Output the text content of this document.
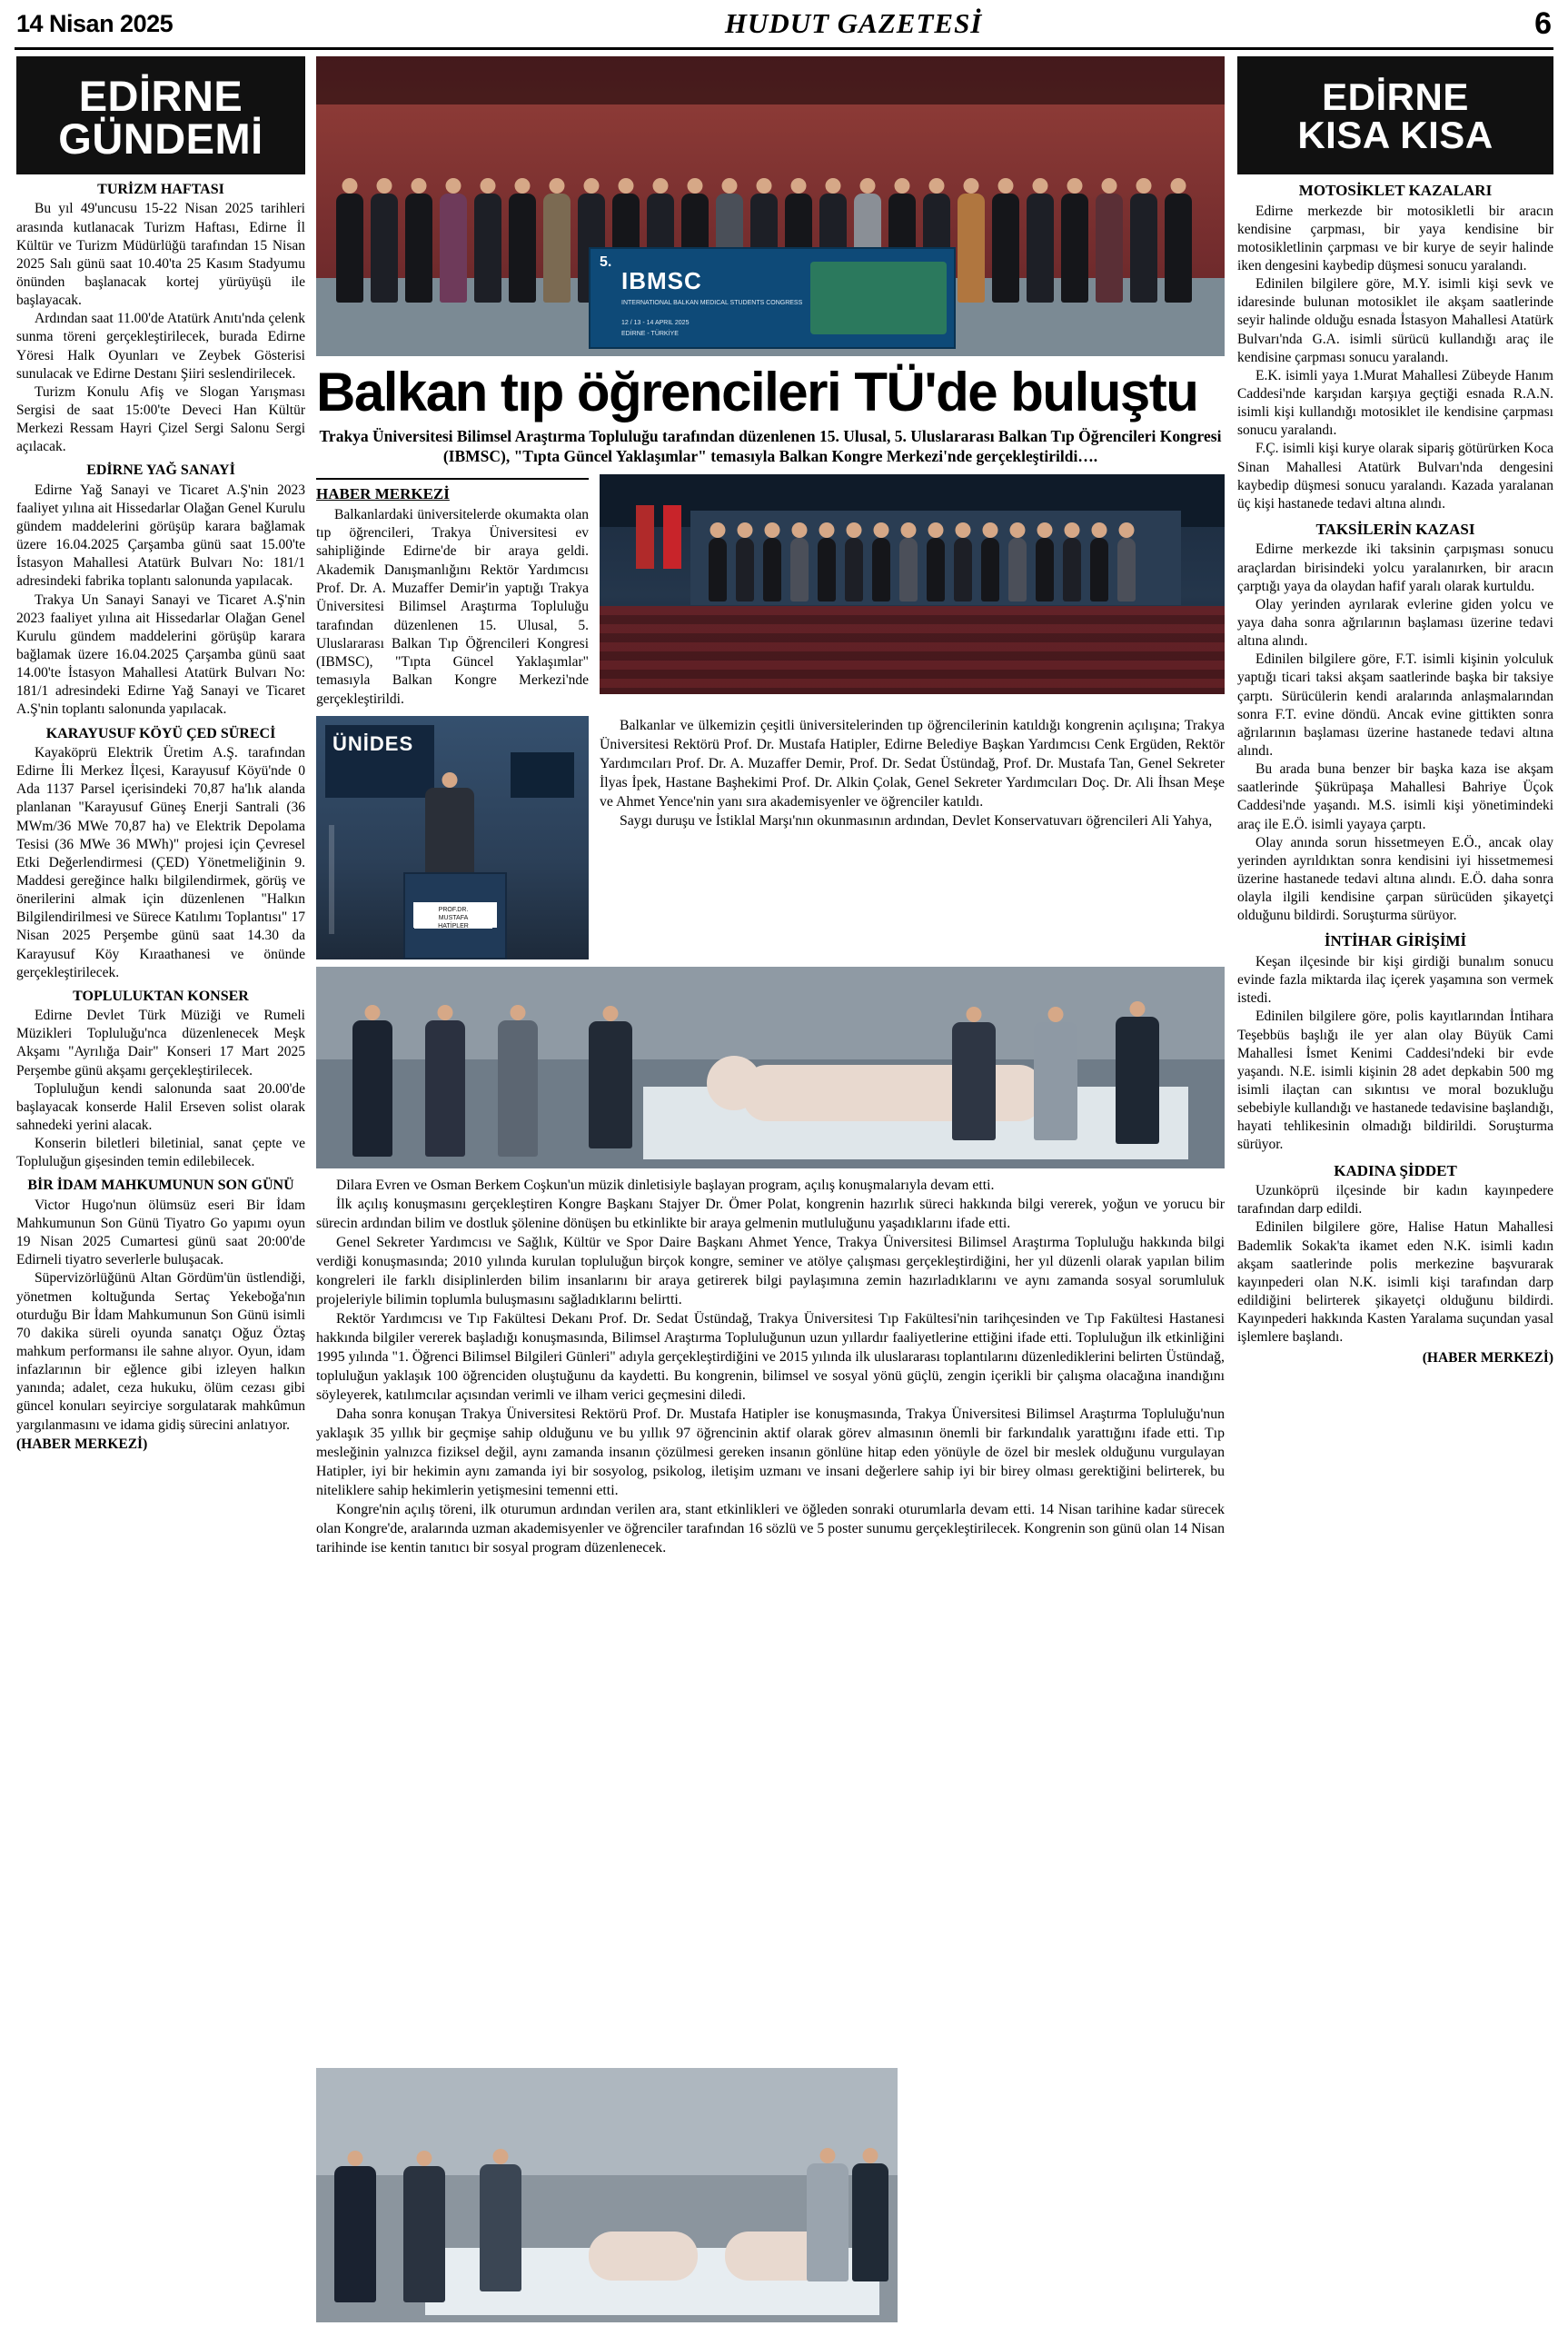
14 Nisan 2025	HUDUT GAZETESİ	6
EDİRNE
GÜNDEMİ
TURİZM HAFTASI

Bu yıl 49'uncusu 15-22 Nisan 2025 tarihleri arasında kutlanacak Turizm Haftası, Edirne İl Kültür ve Turizm Müdürlüğü tarafından 15 Nisan 2025 Salı günü saat 10.40'ta 25 Kasım Stadyumu önünden başlanacak kortej yürüyüşü ile başlayacak.

Ardından saat 11.00'de Atatürk Anıtı'nda çelenk sunma töreni gerçekleştirilecek, burada Edirne Yöresi Halk Oyunları ve Zeybek Gösterisi sunulacak ve Edirne Destanı Şiiri seslendirilecek.

Turizm Konulu Afiş ve Slogan Yarışması Sergisi de saat 15:00'te Deveci Han Kültür Merkezi Ressam Hayri Çizel Sergi Salonu Sergi açılacak.

EDİRNE YAĞ SANAYİ

Edirne Yağ Sanayi ve Ticaret A.Ş'nin 2023 faaliyet yılına ait Hissedarlar Olağan Genel Kurulu gündem maddelerini görüşüp karara bağlamak üzere 16.04.2025 Çarşamba günü saat 15.00'te İstasyon Mahallesi Atatürk Bulvarı No: 181/1 adresindeki fabrika toplantı salonunda yapılacak.

Trakya Un Sanayi Sanayi ve Ticaret A.Ş'nin 2023 faaliyet yılına ait Hissedarlar Olağan Genel Kurulu gündem maddelerini görüşüp karara bağlamak üzere 16.04.2025 Çarşamba günü saat 14.00'te İstasyon Mahallesi Atatürk Bulvarı No: 181/1 adresindeki Edirne Yağ Sanayi ve Ticaret A.Ş'nin toplantı salonunda yapılacak.

KARAYUSUF KÖYÜ ÇED SÜRECİ

Kayaköprü Elektrik Üretim A.Ş. tarafından Edirne İli Merkez İlçesi, Karayusuf Köyü'nde 0 Ada 1137 Parsel içerisindeki 70,87 ha'lık alanda planlanan "Karayusuf Güneş Enerji Santrali (36 MWm/36 MWe 70,87 ha) ve Elektrik Depolama Tesisi (36 MWe 36 MWh)" projesi için Çevresel Etki Değerlendirmesi (ÇED) Yönetmeliğinin 9. Maddesi gereğince halkı bilgilendirmek, görüş ve önerilerini almak için düzenlenen "Halkın Bilgilendirilmesi ve Sürece Katılımı Toplantısı" 17 Nisan 2025 Perşembe günü saat 14.30 da Karayusuf Köy Kıraathanesi ve önünde gerçekleştirilecek.

TOPLULUKTAN KONSER

Edirne Devlet Türk Müziği ve Rumeli Müzikleri Topluluğu'nca düzenlenecek Meşk Akşamı "Ayrılığa Dair" Konseri 17 Mart 2025 Perşembe günü akşamı gerçekleştirilecek.

Topluluğun kendi salonunda saat 20.00'de başlayacak konserde Halil Erseven solist olarak sahnedeki yerini alacak.

Konserin biletleri biletinial, sanat çepte ve Topluluğun gişesinden temin edilebilecek.

BİR İDAM MAHKUMUNUN SON GÜNÜ

Victor Hugo'nun ölümsüz eseri Bir İdam Mahkumunun Son Günü Tiyatro Go yapımı oyun 19 Nisan 2025 Cumartesi günü saat 20:00'de Edirneli tiyatro severlerle buluşacak.

Süpervizörlüğünü Altan Gördüm'ün üstlendiği, yönetmen koltuğunda Sertaç Yekeboğa'nın oturduğu Bir İdam Mahkumunun Son Günü isimli 70 dakika süreli oyunda sanatçı Oğuz Öztaş mahkum performansı ile sahne alıyor. Oyun, idam infazlarının bir eğlence gibi izleyen halkın yanında; adalet, ceza hukuku, ölüm cezası gibi güncel konuları seyirciye sorgulatarak mahkûmun yargılanmasını ve idama gidiş sürecini anlatıyor.

(HABER MERKEZİ)
5.
IBMSC
INTERNATIONAL BALKAN MEDICAL STUDENTS CONGRESS
12 / 13 - 14 APRIL 2025
EDİRNE - TÜRKİYE
Balkan tıp öğrencileri TÜ'de buluştu
Trakya Üniversitesi Bilimsel Araştırma Topluluğu tarafından düzenlenen 15. Ulusal, 5. Uluslararası Balkan Tıp Öğrencileri Kongresi (IBMSC), "Tıpta Güncel Yaklaşımlar" temasıyla Balkan Kongre Merkezi'nde gerçekleştirildi….
HABER MERKEZİ

Balkanlardaki üniversitelerde okumakta olan tıp öğrencileri, Trakya Üniversitesi ev sahipliğinde Edirne'de bir araya geldi. Akademik Danışmanlığını Rektör Yardımcısı Prof. Dr. A. Muzaffer Demir'in yaptığı Trakya Üniversitesi Bilimsel Araştırma Topluluğu tarafından düzenlenen 15. Ulusal, 5. Uluslararası Balkan Tıp Öğrencileri Kongresi (IBMSC), "Tıpta Güncel Yaklaşımlar" temasıyla Balkan Kongre Merkezi'nde gerçekleştirildi.

ÜNİDES
PROF.DR.
MUSTAFA
HATİPLER

Balkanlar ve ülkemizin çeşitli üniversitelerinden tıp öğrencilerinin katıldığı kongrenin açılışına; Trakya Üniversitesi Rektörü Prof. Dr. Mustafa Hatipler, Edirne Belediye Başkan Yardımcısı Cenk Ergüden, Rektör Yardımcıları Prof. Dr. A. Muzaffer Demir, Prof. Dr. Sedat Üstündağ, Prof. Dr. Mustafa Tan, Genel Sekreter İlyas İpek, Hastane Başhekimi Prof. Dr. Alkin Çolak, Genel Sekreter Yardımcıları Doç. Dr. Ali İhsan Meşe ve Ahmet Yence'nin yanı sıra akademisyenler ve öğrenciler katıldı.

Saygı duruşu ve İstiklal Marşı'nın okunmasının ardından, Devlet Konservatuvarı öğrencileri Ali Yahya,

Dilara Evren ve Osman Berkem Coşkun'un müzik dinletisiyle başlayan program, açılış konuşmalarıyla devam etti.

İlk açılış konuşmasını gerçekleştiren Kongre Başkanı Stajyer Dr. Ömer Polat, kongrenin hazırlık süreci hakkında bilgi vererek, yoğun ve yorucu bir sürecin ardından bilim ve dostluk şölenine dönüşen bu etkinlikte bir araya gelmenin mutluluğunu yaşadıklarını ifade etti.

Genel Sekreter Yardımcısı ve Sağlık, Kültür ve Spor Daire Başkanı Ahmet Yence, Trakya Üniversitesi Bilimsel Araştırma Topluluğu hakkında bilgi verdiği konuşmasında; 2010 yılında kurulan topluluğun birçok kongre, seminer ve atölye çalışması gerçekleştirdiğini, her yıl düzenli olarak yapılan bilim kongreleri ile farklı disiplinlerden bilim insanlarını bir araya getirerek bilgi paylaşımına zemin hazırladıklarını ve aynı zamanda sosyal sorumluluk projeleriyle bilimin toplumla buluşmasını sağladıklarını belirtti.

Rektör Yardımcısı ve Tıp Fakültesi Dekanı Prof. Dr. Sedat Üstündağ, Trakya Üniversitesi Tıp Fakültesi'nin tarihçesinden ve Tıp Fakültesi Hastanesi hakkında bilgiler vererek başladığı konuşmasında, Bilimsel Araştırma Topluluğunun uzun yıllardır faaliyetlerine ettiğini ifade etti. Topluluğun ilk etkinliğini 1995 yılında "1. Öğrenci Bilimsel Bilgileri Günleri" adıyla gerçekleştirdiğini ve 2015 yılında ilk uluslararası toplantılarını düzenlediklerini belirten Üstündağ, topluluğun yaklaşık 100 öğrenciden oluştuğunu da kaydetti. Bu kongrenin, bilimsel ve sosyal yönü güçlü, zengin içerikli bir çalışma olacağına inandığını söyleyerek, katılımcılar açısından verimli ve ilham verici geçmesini diledi.

Daha sonra konuşan Trakya Üniversitesi Rektörü Prof. Dr. Mustafa Hatipler ise konuşmasında, Trakya Üniversitesi Bilimsel Araştırma Topluluğu'nun yaklaşık 35 yıllık bir geçmişe sahip olduğunu ve bu yıllık 97 öğrencinin aktif olarak görev almasının önemli bir farkındalık yarattığını ifade etti. Tıp mesleğinin yalnızca fiziksel değil, aynı zamanda insanın çözülmesi gereken insanın gönlüne hitap eden yönüyle de özel bir meslek olduğunu vurgulayan Hatipler, iyi bir hekimin aynı zamanda iyi bir sosyolog, psikolog, iletişim uzmanı ve insani değerlere sahip iyi bir birey olması gerektiğini belirterek, bu niteliklere sahip hekimlerin yetişmesini temenni etti.

Kongre'nin açılış töreni, ilk oturumun ardından verilen ara, stant etkinlikleri ve öğleden sonraki oturumlarla devam etti. 14 Nisan tarihine kadar sürecek olan Kongre'de, aralarında uzman akademisyenler ve öğrenciler tarafından 16 sözlü ve 5 poster sunumu gerçekleştirilecek. Kongrenin son günü olan 14 Nisan tarihinde ise kentin tanıtıcı bir sosyal program düzenlenecek.

EDİRNE
KISA KISA
MOTOSİKLET KAZALARI

Edirne merkezde bir motosikletli bir aracın kendisine çarpması, bir yaya kendisine bir motosikletlinin çarpması ve bir kurye de seyir halinde iken dengesini kaybedip düşmesi sonucu yaralandı.

Edinilen bilgilere göre, M.Y. isimli kişi sevk ve idaresinde bulunan motosiklet ile akşam saatlerinde seyir halinde olduğu esnada İstasyon Mahallesi Atatürk Bulvarı'nda G.A. isimli sürücü kullandığı araç ile kendisine çarpması sonucu yaralandı.

E.K. isimli yaya 1.Murat Mahallesi Zübeyde Hanım Caddesi'nde karşıdan karşıya geçtiği esnada R.A.N. isimli kişi kullandığı motosiklet ile kendisine çarpması sonucu yaralandı.

F.Ç. isimli kişi kurye olarak sipariş götürürken Koca Sinan Mahallesi Atatürk Bulvarı'nda dengesini kaybedip düşmesi sonucu yaralandı. Kazada yaralanan üç kişi hastanede tedavi altına alındı.

TAKSİLERİN KAZASI

Edirne merkezde iki taksinin çarpışması sonucu araçlardan birisindeki yolcu yaralanırken, bir aracın çarptığı yaya da olaydan hafif yaralı olarak kurtuldu.

Olay yerinden ayrılarak evlerine giden yolcu ve yaya daha sonra ağrılarının başlaması üzerine tedavi altına alındı.

Edinilen bilgilere göre, F.T. isimli kişinin yolculuk yaptığı ticari taksi akşam saatlerinde başka bir taksiye çarptı. Sürücülerin kendi aralarında anlaşmalarından sonra F.T. evine döndü. Ancak evine gittikten sonra ağrılarının başlaması üzerine hastanede tedavi altına alındı.

Bu arada buna benzer bir başka kaza ise akşam saatlerinde Şükrüpaşa Mahallesi Bahriye Üçok Caddesi'nde yaşandı. M.S. isimli kişi yönetimindeki araç ile E.Ö. isimli yayaya çarptı.

Olay anında sorun hissetmeyen E.Ö., ancak olay yerinden ayrıldıktan sonra kendisini iyi hissetmemesi üzerine hastanede tedavi altına alındı. E.Ö. daha sonra olayla ilgili kendisine çarpan sürücüden şikayetçi olduğunu bildirdi. Soruşturma sürüyor.

İNTİHAR GİRİŞİMİ

Keşan ilçesinde bir kişi girdiği bunalım sonucu evinde fazla miktarda ilaç içerek yaşamına son vermek istedi.

Edinilen bilgilere göre, polis kayıtlarından İntihara Teşebbüs başlığı ile yer alan olay Büyük Cami Mahallesi İsmet Kenimi Caddesi'ndeki bir evde yaşandı. N.E. isimli kişinin 28 adet depkabin 500 mg isimli ilaçtan can sıkıntısı ve moral bozukluğu sebebiyle kullandığı ve hastanede tedavisine başlandığı, hayati tehlikesinin olmadığı bildirildi. Soruşturma sürüyor.

KADINA ŞİDDET

Uzunköprü ilçesinde bir kadın kayınpedere tarafından darp edildi.

Edinilen bilgilere göre, Halise Hatun Mahallesi Bademlik Sokak'ta ikamet eden N.K. isimli kadın akşam saatlerinde polis merkezine başvurarak kayınpederi olan N.K. isimli kişi tarafından darp edildiğini belirterek şikayetçi olduğunu bildirdi. Kayınpederi hakkında Kasten Yaralama suçundan yasal işlemlere başlandı.

(HABER MERKEZİ)
